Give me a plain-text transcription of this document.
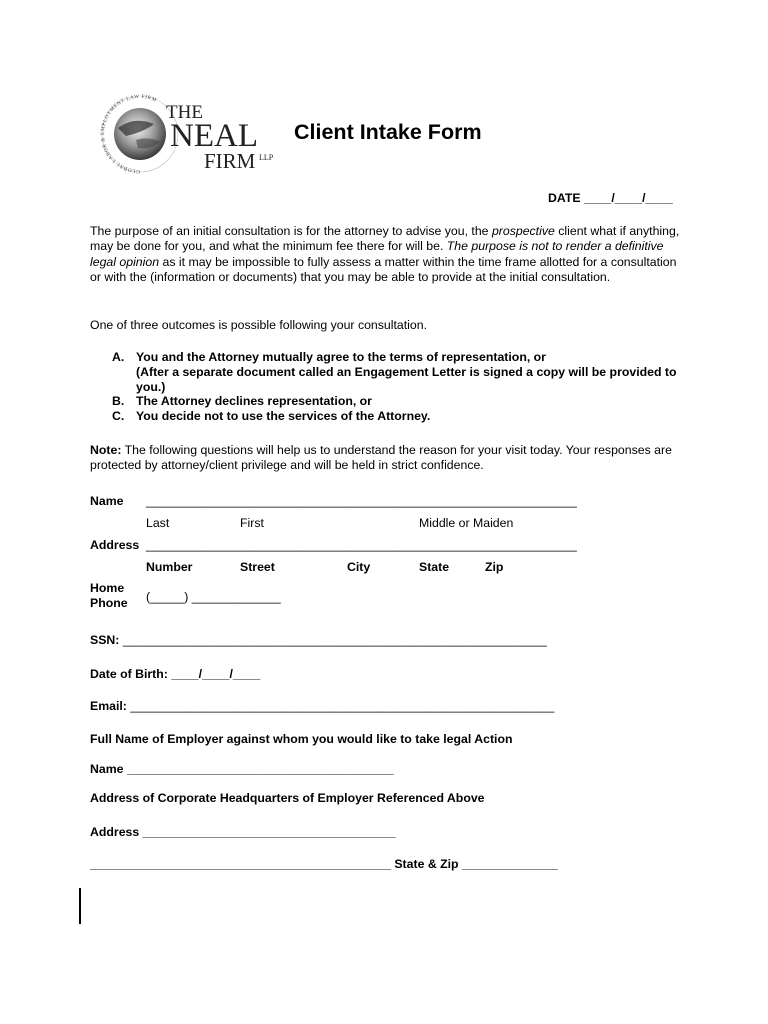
GLOBAL LABOR & EMPLOYMENT LAW FIRM
THE
NEAL
FIRM LLP
Client Intake Form
DATE ____/____/____
The purpose of an initial consultation is for the attorney to advise you, the prospective client what if anything, may be done for you, and what the minimum fee there for will be. The purpose is not to render a definitive legal opinion as it may be impossible to fully assess a matter within the time frame allotted for a consultation or with the (information or documents) that you may be able to provide at the initial consultation.
One of three outcomes is possible following your consultation.
A. You and the Attorney mutually agree to the terms of representation, or
(After a separate document called an Engagement Letter is signed a copy will be provided to you.)
B. The Attorney declines representation, or
C. You decide not to use the services of the Attorney.
Note: The following questions will help us to understand the reason for your visit today. Your responses are protected by attorney/client privilege and will be held in strict confidence.
Name _______________________________________________________________
Last	First	Middle or Maiden
Address _______________________________________________________________
Number	Street	City	State	Zip
Home
Phone (_____) _____________
SSN: ______________________________________________________________
Date of Birth: ____/____/____
Email: ______________________________________________________________
Full Name of Employer against whom you would like to take legal Action
Name _______________________________________
Address of Corporate Headquarters of Employer Referenced Above
Address _____________________________________
____________________________________________ State & Zip ______________
